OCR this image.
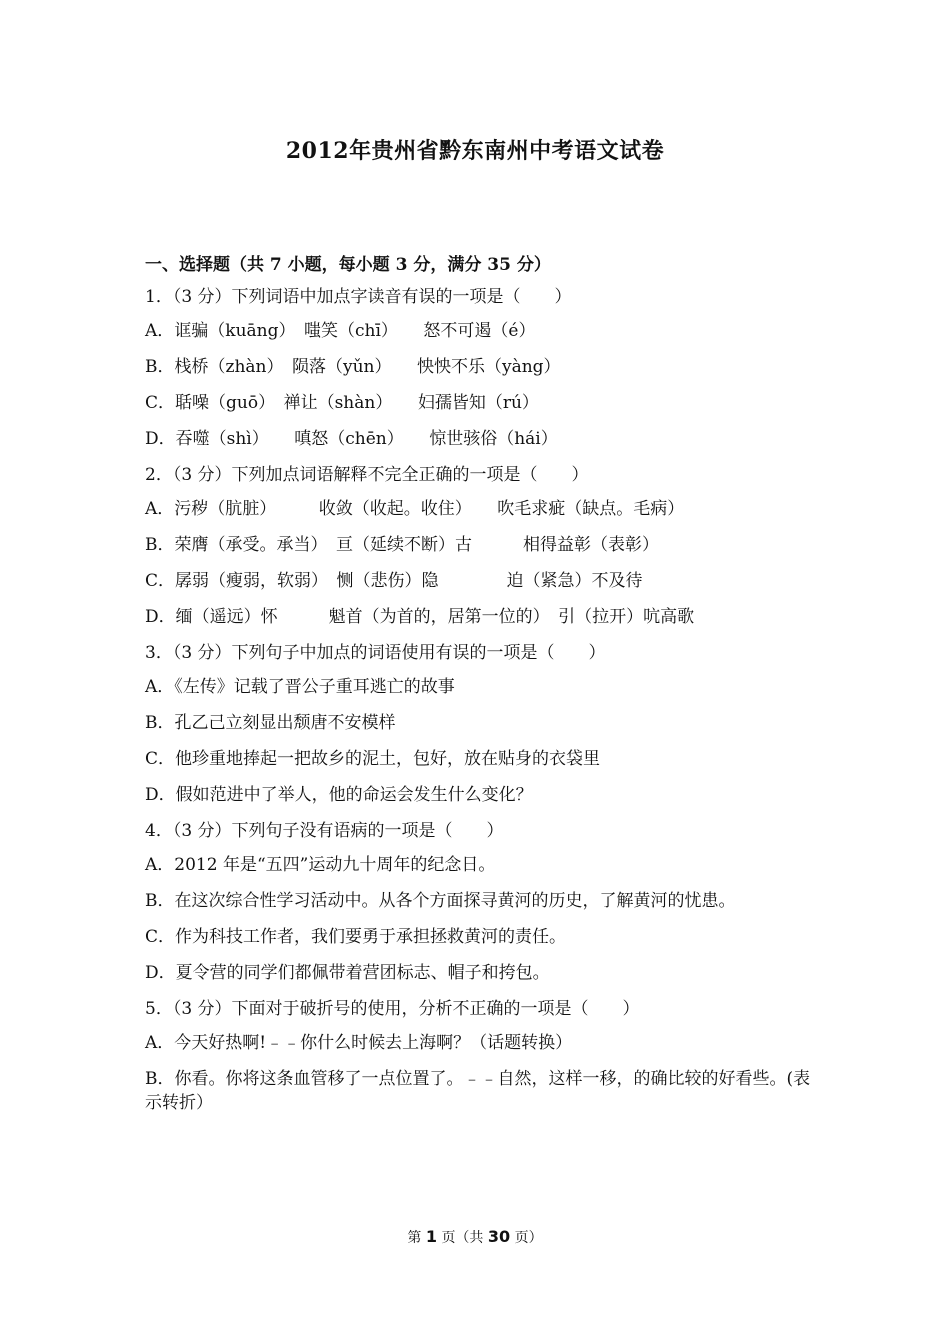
2012年贵州省黔东南州中考语文试卷
一、选择题（共 7 小题，每小题 3 分，满分 35 分）
1．（3 分）下列词语中加点字读音有误的一项是（　　）
A．诓骗（kuāng）　嗤笑（chī）　　怒不可遏（é）
B．栈桥（zhàn）　陨落（yǔn）　　怏怏不乐（yàng）
C．聒噪（guō）　禅让（shàn）　　妇孺皆知（rú）
D．吞噬（shì）　　嗔怒（chēn）　　惊世骇俗（hái）
2．（3 分）下列加点词语解释不完全正确的一项是（　　）
A．污秽（肮脏）　　　收敛（收起。收住）　　吹毛求疵（缺点。毛病）
B．荣膺（承受。承当）　亘（延续不断）古　　　相得益彰（表彰）
C．孱弱（瘦弱，软弱）　恻（悲伤）隐　　　　迫（紧急）不及待
D．缅（遥远）怀　　　魁首（为首的，居第一位的）　引（拉开）吭高歌
3．（3 分）下列句子中加点的词语使用有误的一项是（　　）
A．《左传》记载了晋公子重耳逃亡的故事
B．孔乙己立刻显出颓唐不安模样
C．他珍重地捧起一把故乡的泥土，包好，放在贴身的衣袋里
D．假如范进中了举人，他的命运会发生什么变化？
4．（3 分）下列句子没有语病的一项是（　　）
A．2012 年是“五四”运动九十周年的纪念日。
B．在这次综合性学习活动中。从各个方面探寻黄河的历史，了解黄河的忧患。
C．作为科技工作者，我们要勇于承担拯救黄河的责任。
D．夏令营的同学们都佩带着营团标志、帽子和挎包。
5．（3 分）下面对于破折号的使用，分析不正确的一项是（　　）
A．今天好热啊!﹣﹣你什么时候去上海啊？（话题转换）
B．你看。你将这条血管移了一点位置了。﹣﹣自然，这样一移，的确比较的好看些。(表示转折）
第 1 页（共 30 页）
